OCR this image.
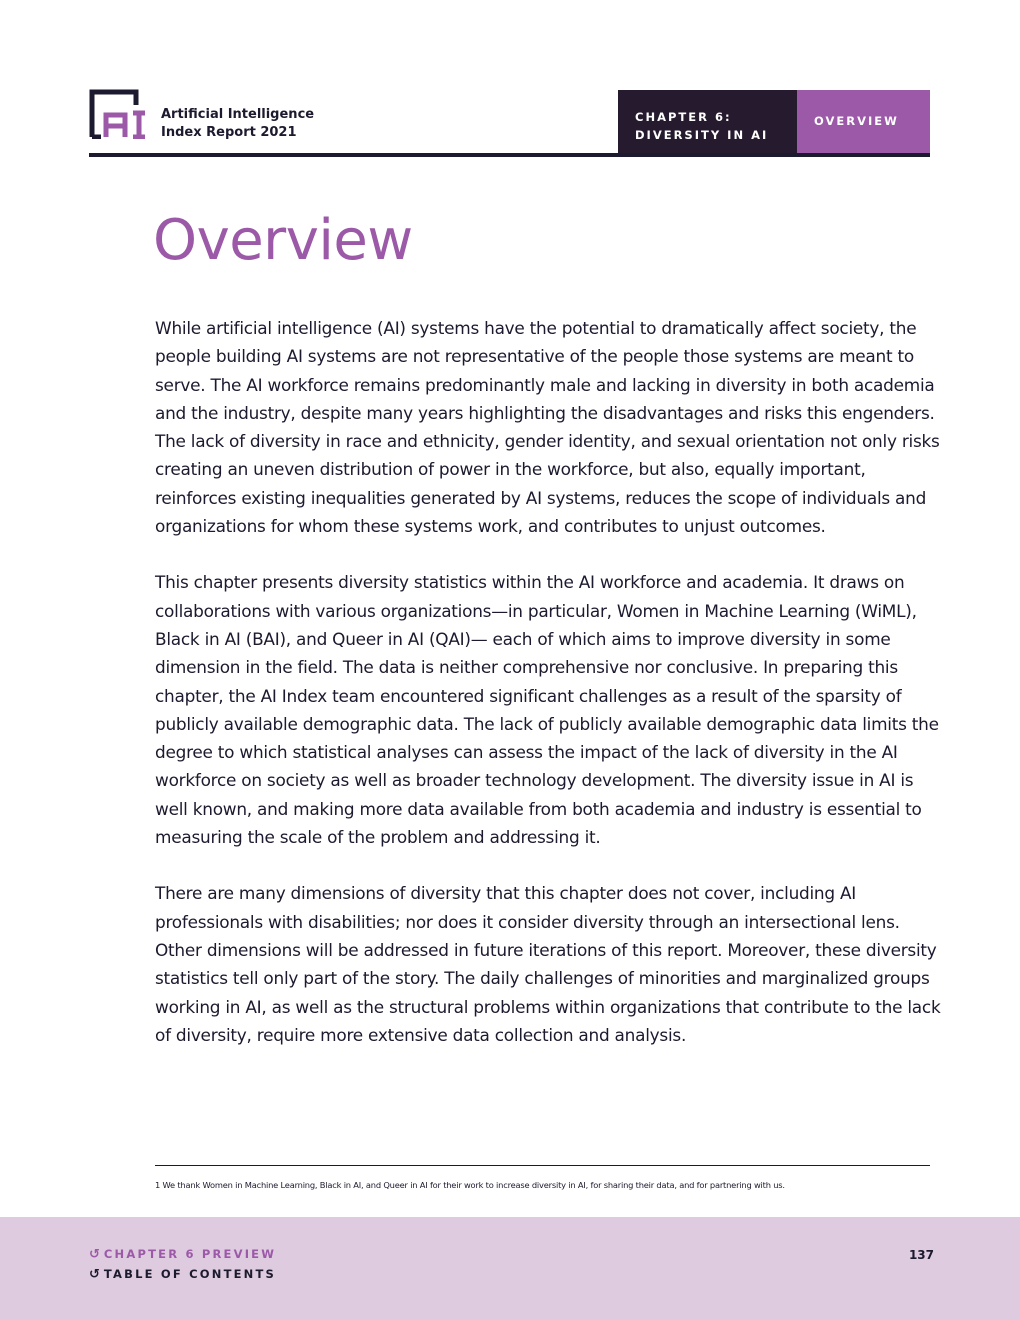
Artificial Intelligence
Index Report 2021
CHAPTER 6:
DIVERSITY IN AI
OVERVIEW
Overview

While artificial intelligence (AI) systems have the potential to dramatically affect society, the people building AI systems are not representative of the people those systems are meant to serve. The AI workforce remains predominantly male and lacking in diversity in both academia and the industry, despite many years highlighting the disadvantages and risks this engenders. The lack of diversity in race and ethnicity, gender identity, and sexual orientation not only risks creating an uneven distribution of power in the workforce, but also, equally important, reinforces existing inequalities generated by AI systems, reduces the scope of individuals and organizations for whom these systems work, and contributes to unjust outcomes.

This chapter presents diversity statistics within the AI workforce and academia. It draws on collaborations with various organizations—in particular, Women in Machine Learning (WiML), Black in AI (BAI), and Queer in AI (QAI)— each of which aims to improve diversity in some dimension in the field. The data is neither comprehensive nor conclusive. In preparing this chapter, the AI Index team encountered significant challenges as a result of the sparsity of publicly available demographic data. The lack of publicly available demographic data limits the degree to which statistical analyses can assess the impact of the lack of diversity in the AI workforce on society as well as broader technology development. The diversity issue in AI is well known, and making more data available from both academia and industry is essential to measuring the scale of the problem and addressing it.

There are many dimensions of diversity that this chapter does not cover, including AI professionals with disabilities; nor does it consider diversity through an intersectional lens. Other dimensions will be addressed in future iterations of this report. Moreover, these diversity statistics tell only part of the story. The daily challenges of minorities and marginalized groups working in AI, as well as the structural problems within organizations that contribute to the lack of diversity, require more extensive data collection and analysis.

1 We thank Women in Machine Learning, Black in AI, and Queer in AI for their work to increase diversity in AI, for sharing their data, and for partnering with us.
↺ CHAPTER 6 PREVIEW
↺ TABLE OF CONTENTS
137
